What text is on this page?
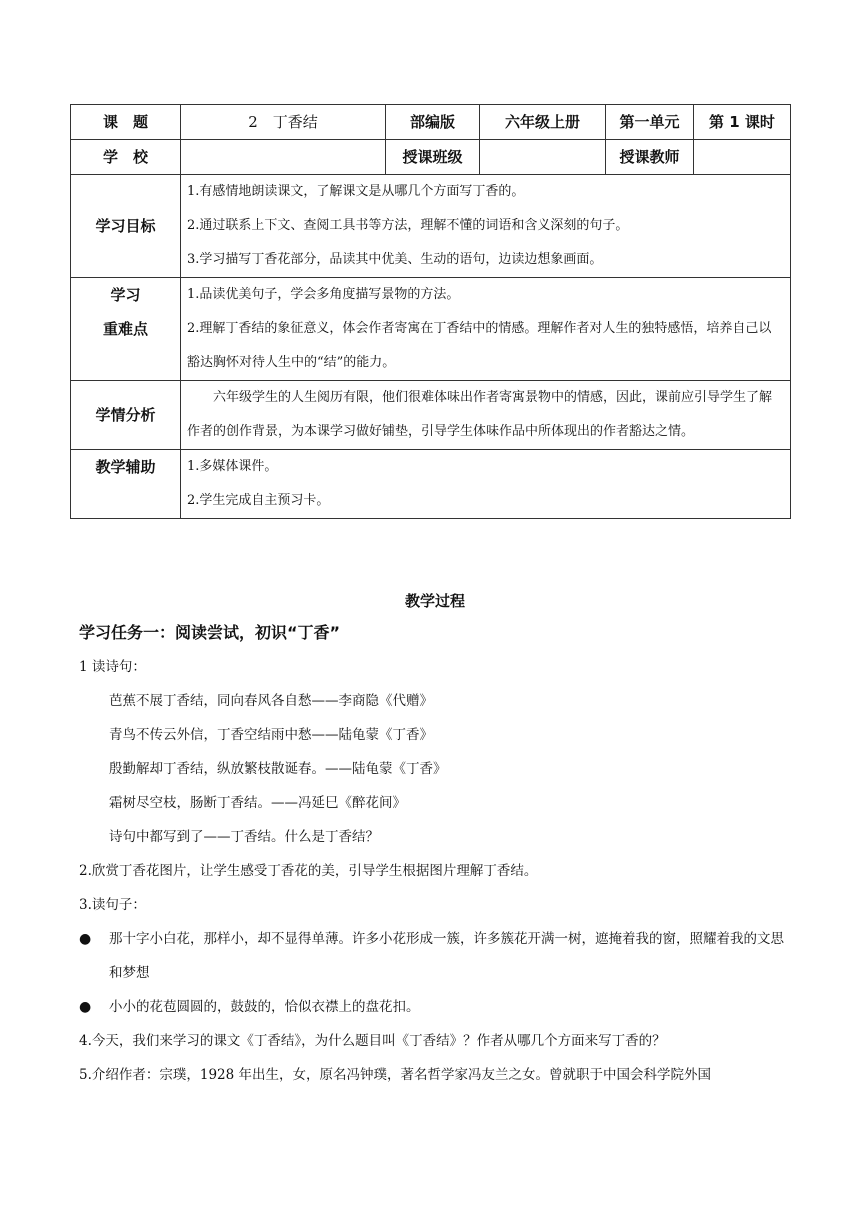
课　题	2　丁香结	部编版	六年级上册	第一单元	第 1 课时
学　校		授课班级		授课教师	
学习目标	1.有感情地朗读课文，了解课文是从哪几个方面写丁香的。
2.通过联系上下文、查阅工具书等方法，理解不懂的词语和含义深刻的句子。
3.学习描写丁香花部分，品读其中优美、生动的语句，边读边想象画面。				

学习
重难点	1.品读优美句子，学会多角度描写景物的方法。
2.理解丁香结的象征意义，体会作者寄寓在丁香结中的情感。理解作者对人生的独特感悟，培养自己以豁达胸怀对待人生中的“结”的能力。				

学情分析	六年级学生的人生阅历有限，他们很难体味出作者寄寓景物中的情感，因此，课前应引导学生了解作者的创作背景，为本课学习做好铺垫，引导学生体味作品中所体现出的作者豁达之情。				

教学辅助	1.多媒体课件。
2.学生完成自主预习卡。				
教学过程
学习任务一：阅读尝试，初识“丁香”
1 读诗句：
芭蕉不展丁香结，同向春风各自愁——李商隐《代赠》
青鸟不传云外信，丁香空结雨中愁——陆龟蒙《丁香》
殷勤解却丁香结，纵放繁枝散诞春。——陆龟蒙《丁香》
霜树尽空枝，肠断丁香结。——冯延巳《醉花间》
诗句中都写到了——丁香结。什么是丁香结？
2.欣赏丁香花图片，让学生感受丁香花的美，引导学生根据图片理解丁香结。
3.读句子：
●	那十字小白花，那样小，却不显得单薄。许多小花形成一簇，许多簇花开满一树，遮掩着我的窗，照耀着我的文思和梦想
●	小小的花苞圆圆的，鼓鼓的，恰似衣襟上的盘花扣。
4.今天，我们来学习的课文《丁香结》，为什么题目叫《丁香结》？作者从哪几个方面来写丁香的？
5.介绍作者：宗璞，1928 年出生，女，原名冯钟璞，著名哲学家冯友兰之女。曾就职于中国会科学院外国
